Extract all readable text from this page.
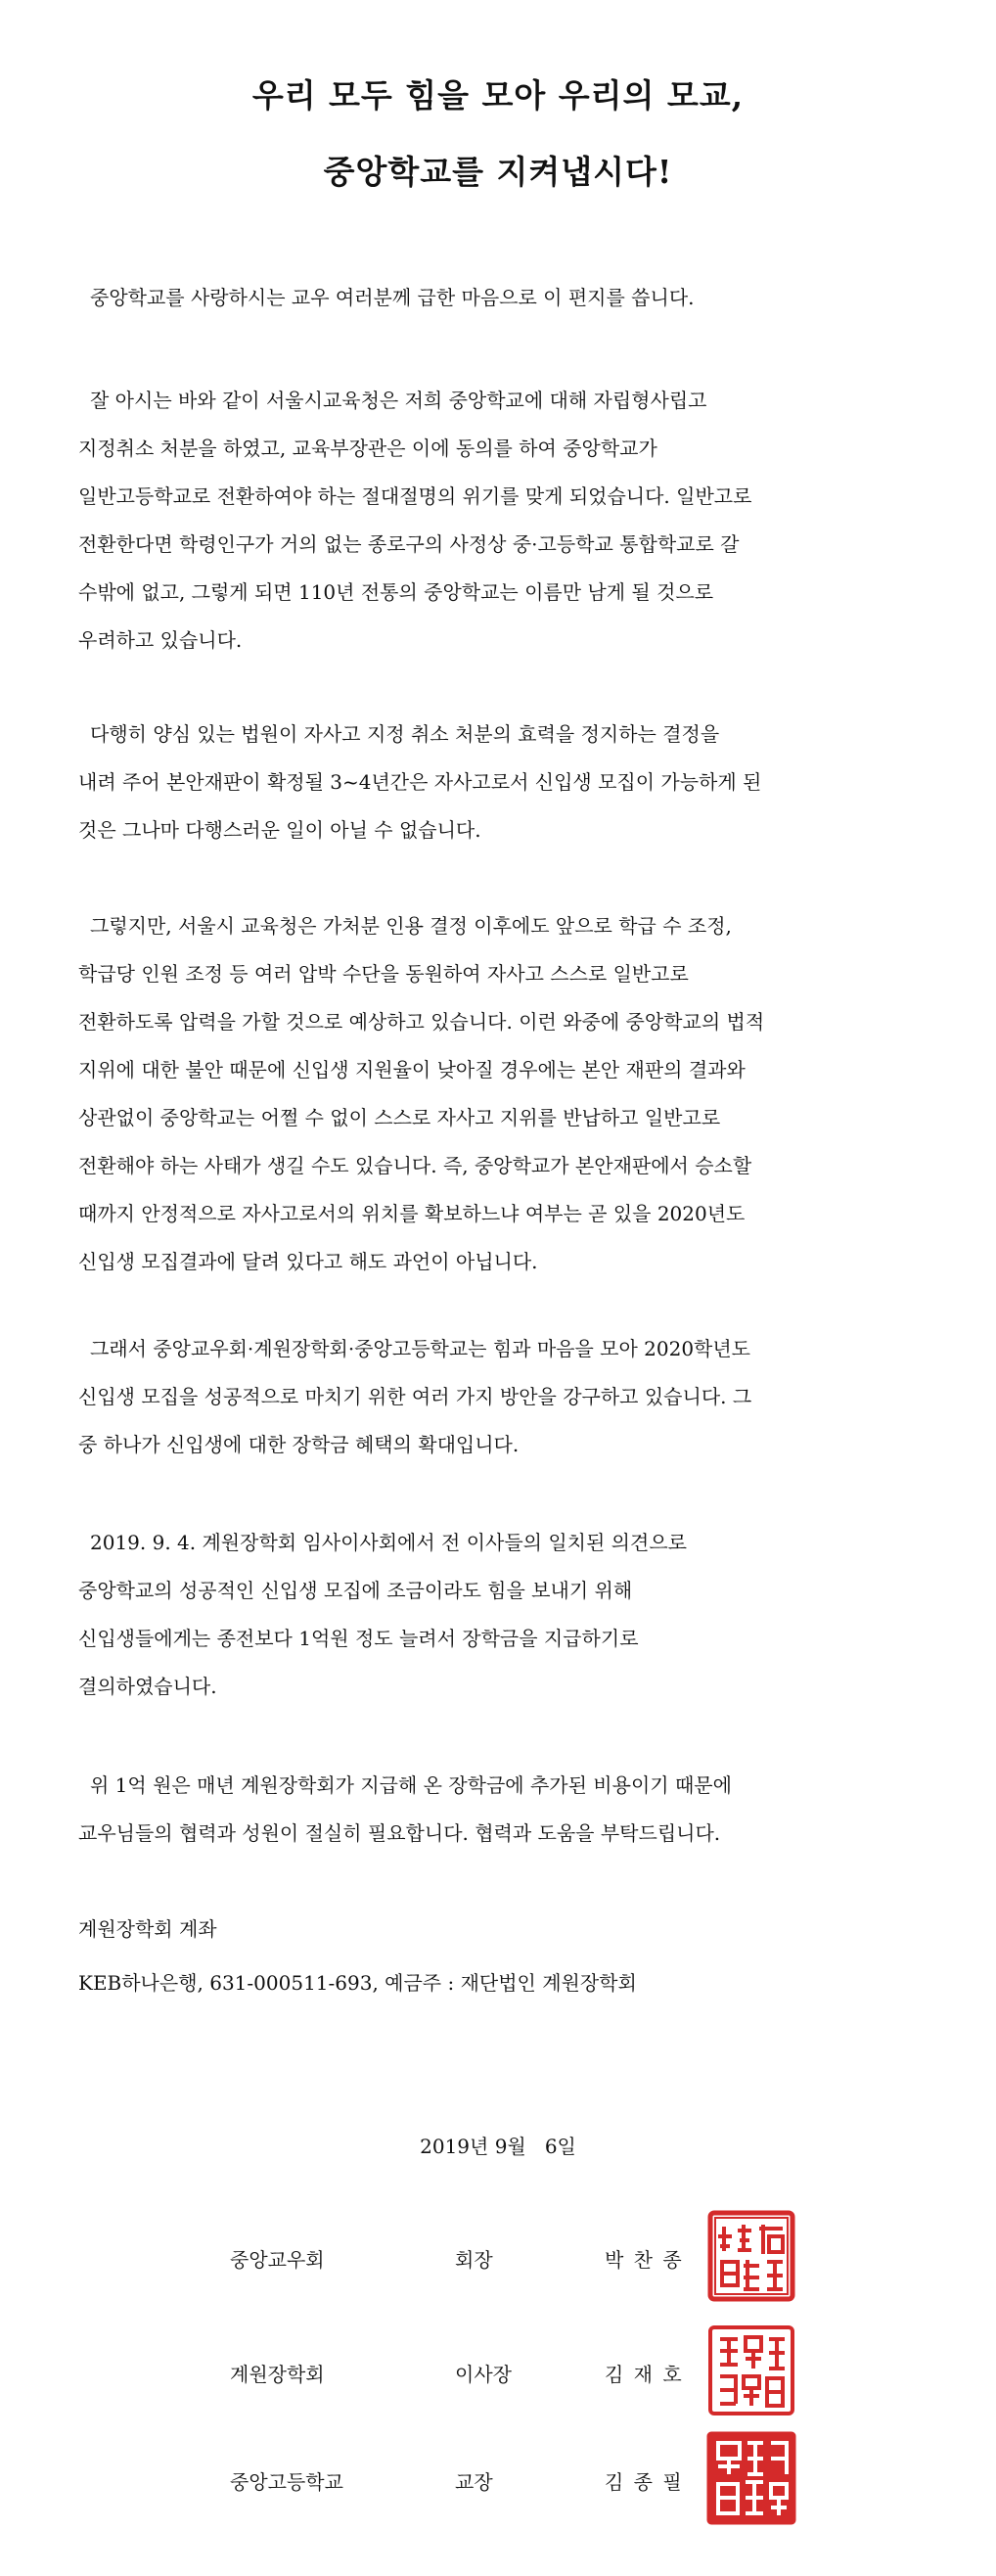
우리 모두 힘을 모아 우리의 모교,
중앙학교를 지켜냅시다!
중앙학교를 사랑하시는 교우 여러분께 급한 마음으로 이 편지를 씁니다.
잘 아시는 바와 같이 서울시교육청은 저희 중앙학교에 대해 자립형사립고
지정취소 처분을 하였고, 교육부장관은 이에 동의를 하여 중앙학교가
일반고등학교로 전환하여야 하는 절대절명의 위기를 맞게 되었습니다. 일반고로
전환한다면 학령인구가 거의 없는 종로구의 사정상 중·고등학교 통합학교로 갈
수밖에 없고, 그렇게 되면 110년 전통의 중앙학교는 이름만 남게 될 것으로
우려하고 있습니다.
다행히 양심 있는 법원이 자사고 지정 취소 처분의 효력을 정지하는 결정을
내려 주어 본안재판이 확정될 3~4년간은 자사고로서 신입생 모집이 가능하게 된
것은 그나마 다행스러운 일이 아닐 수 없습니다.
그렇지만, 서울시 교육청은 가처분 인용 결정 이후에도 앞으로 학급 수 조정,
학급당 인원 조정 등 여러 압박 수단을 동원하여 자사고 스스로 일반고로
전환하도록 압력을 가할 것으로 예상하고 있습니다. 이런 와중에 중앙학교의 법적
지위에 대한 불안 때문에 신입생 지원율이 낮아질 경우에는 본안 재판의 결과와
상관없이 중앙학교는 어쩔 수 없이 스스로 자사고 지위를 반납하고 일반고로
전환해야 하는 사태가 생길 수도 있습니다. 즉, 중앙학교가 본안재판에서 승소할
때까지 안정적으로 자사고로서의 위치를 확보하느냐 여부는 곧 있을 2020년도
신입생 모집결과에 달려 있다고 해도 과언이 아닙니다.
그래서 중앙교우회·계원장학회·중앙고등학교는 힘과 마음을 모아 2020학년도
신입생 모집을 성공적으로 마치기 위한 여러 가지 방안을 강구하고 있습니다. 그
중 하나가 신입생에 대한 장학금 혜택의 확대입니다.
2019. 9. 4. 계원장학회 임사이사회에서 전 이사들의 일치된 의견으로
중앙학교의 성공적인 신입생 모집에 조금이라도 힘을 보내기 위해
신입생들에게는 종전보다 1억원 정도 늘려서 장학금을 지급하기로
결의하였습니다.
위 1억 원은 매년 계원장학회가 지급해 온 장학금에 추가된 비용이기 때문에
교우님들의 협력과 성원이 절실히 필요합니다. 협력과 도움을 부탁드립니다.
계원장학회 계좌
KEB하나은행, 631-000511-693, 예금주 : 재단법인 계원장학회
2019년 9월   6일
중앙교우회	회장	박 찬 종
계원장학회	이사장	김 재 호
중앙고등학교	교장	김 종 필
